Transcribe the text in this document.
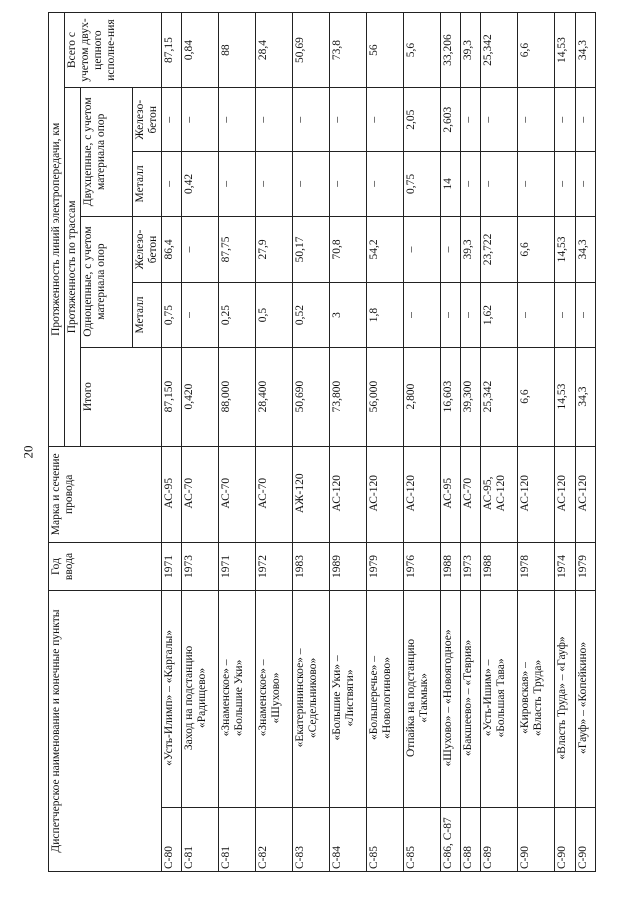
20
Диспетчерское наименование и конечные пункты		Год ввода	Марка и сечение провода	Протяженность линий электропередачи, км					
				Протяженность по трассам					Всего с учетом двух-цепного исполне-ния
				Итого	Одноцепные, с учетом материала опор		Двухцепные, с учетом материала опор		
					Металл	Железо-бетон	Металл	Железо-бетон	
С-80	«Усть-Илимп» – «Каргалы»	1971	АС-95	87,150	0,75	86,4	–	–	87,15
С-81	Заход на подстанцию «Радищево»	1973	АС-70	0,420	–	–	0,42	–	0,84
С-81	«Знаменское» – «Большие Уки»	1971	АС-70	88,000	0,25	87,75	–	–	88
С-82	«Знаменское» – «Шухово»	1972	АС-70	28,400	0,5	27,9	–	–	28,4
С-83	«Екатерининское» – «Седельниково»	1983	АЖ-120	50,690	0,52	50,17	–	–	50,69
С-84	«Большие Уки» – «Листвяги»	1989	АС-120	73,800	3	70,8	–	–	73,8
С-85	«Большеречье» – «Новологиново»	1979	АС-120	56,000	1,8	54,2	–	–	56
С-85	Отпайка на подстанцию «Такмык»	1976	АС-120	2,800	–	–	0,75	2,05	5,6
С-86, С-87	«Шухово» – «Новоягодное»	1988	АС-95	16,603	–	–	14	2,603	33,206
С-88	«Бакшеево» – «Теврия»	1973	АС-70	39,300	–	39,3	–	–	39,3
С-89	«Усть-Ишим» – «Большая Тава»	1988	АС-95, АС-120	25,342	1,62	23,722	–	–	25,342
С-90	«Кировская» – «Власть Труда»	1978	АС-120	6,6	–	6,6	–	–	6,6
С-90	«Власть Труда» – «Гауф»	1974	АС-120	14,53	–	14,53	–	–	14,53
С-90	«Гауф» – «Копейкино»	1979	АС-120	34,3	–	34,3	–	–	34,3
